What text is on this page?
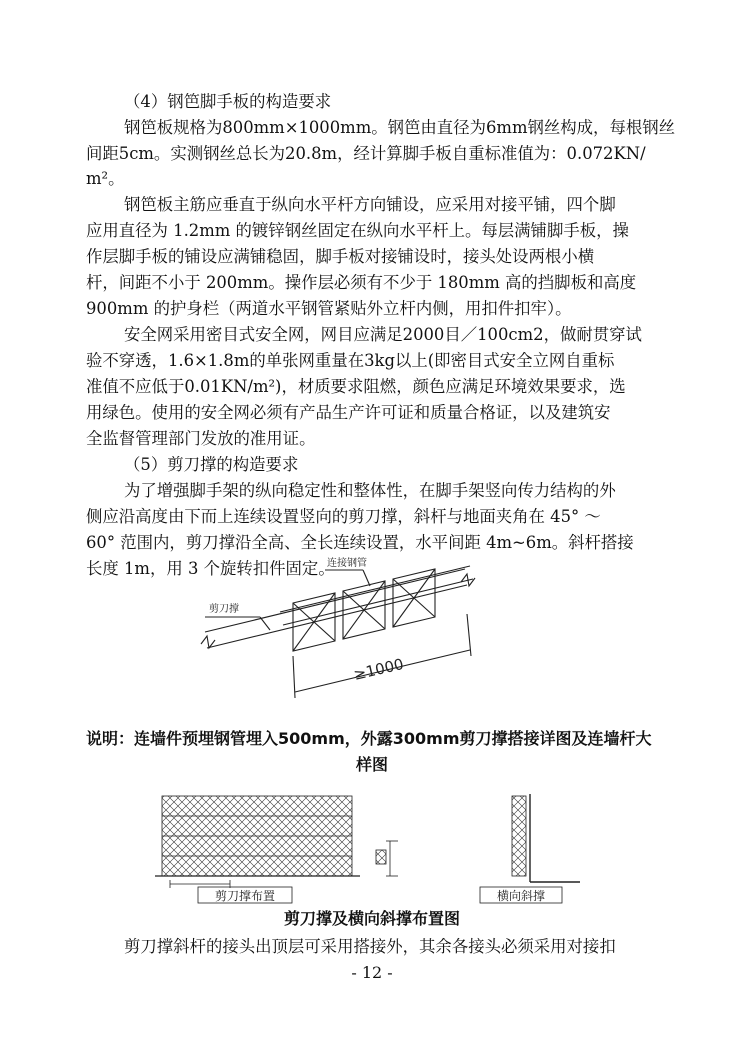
（4）钢笆脚手板的构造要求
钢笆板规格为800mm×1000mm。钢笆由直径为6mm钢丝构成，每根钢丝
间距5cm。实测钢丝总长为20.8m，经计算脚手板自重标准值为：0.072KN/
m²。
钢笆板主筋应垂直于纵向水平杆方向铺设，应采用对接平铺，四个脚
应用直径为 1.2mm 的镀锌钢丝固定在纵向水平杆上。每层满铺脚手板，操
作层脚手板的铺设应满铺稳固，脚手板对接铺设时，接头处设两根小横
杆，间距不小于 200mm。操作层必须有不少于 180mm 高的挡脚板和高度
900mm 的护身栏（两道水平钢管紧贴外立杆内侧，用扣件扣牢）。
安全网采用密目式安全网，网目应满足2000目／100cm2，做耐贯穿试
验不穿透，1.6×1.8m的单张网重量在3kg以上(即密目式安全立网自重标
准值不应低于0.01KN/m²)，材质要求阻燃，颜色应满足环境效果要求，选
用绿色。使用的安全网必须有产品生产许可证和质量合格证，以及建筑安
全监督管理部门发放的准用证。
（5）剪刀撑的构造要求
为了增强脚手架的纵向稳定性和整体性，在脚手架竖向传力结构的外
侧应沿高度由下而上连续设置竖向的剪刀撑，斜杆与地面夹角在 45° ～
60° 范围内，剪刀撑沿全高、全长连续设置，水平间距 4m~6m。斜杆搭接
长度 1m，用 3 个旋转扣件固定。
剪刀撑
连接钢管
≥1000
说明：连墙件预埋钢管埋入500mm，外露300mm剪刀撑搭接详图及连墙杆大
样图
剪刀撑布置	横向斜撑
剪刀撑及横向斜撑布置图
剪刀撑斜杆的接头出顶层可采用搭接外，其余各接头必须采用对接扣
- 12 -
